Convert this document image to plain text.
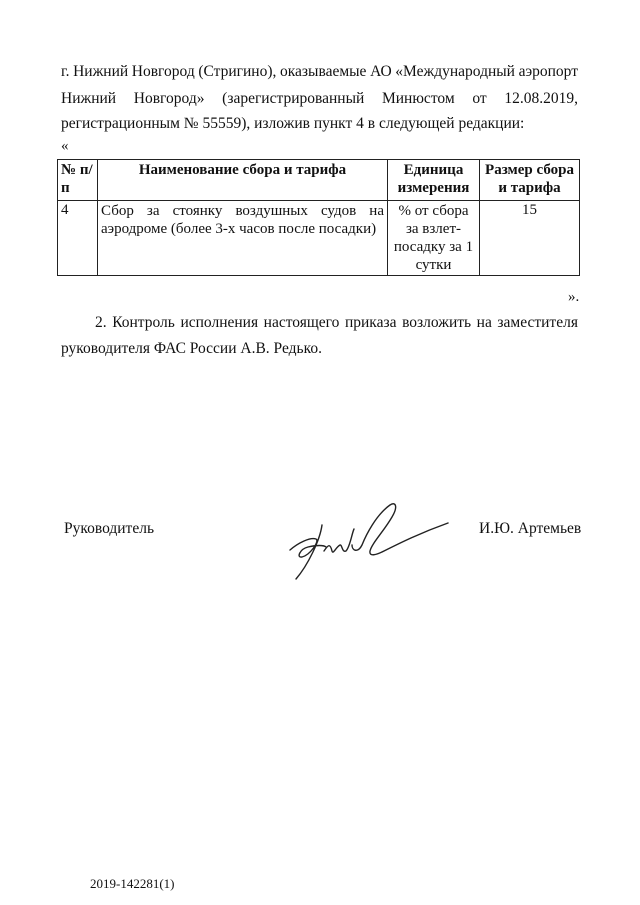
г. Нижний Новгород (Стригино), оказываемые АО «Международный аэропорт
Нижний Новгород» (зарегистрированный Минюстом от 12.08.2019,
регистрационным № 55559), изложив пункт 4 в следующей редакции:
«
№ п/п	Наименование сбора и тарифа	Единица измерения	Размер сбора и тарифа
4	Сбор за стоянку воздушных судов на аэродроме (более 3-х часов после посадки)	% от сбора за взлет-посадку за 1 сутки	15
».
2. Контроль исполнения настоящего приказа возложить на заместителя
руководителя ФАС России А.В. Редько.
Руководитель	И.Ю. Артемьев
2019-142281(1)
